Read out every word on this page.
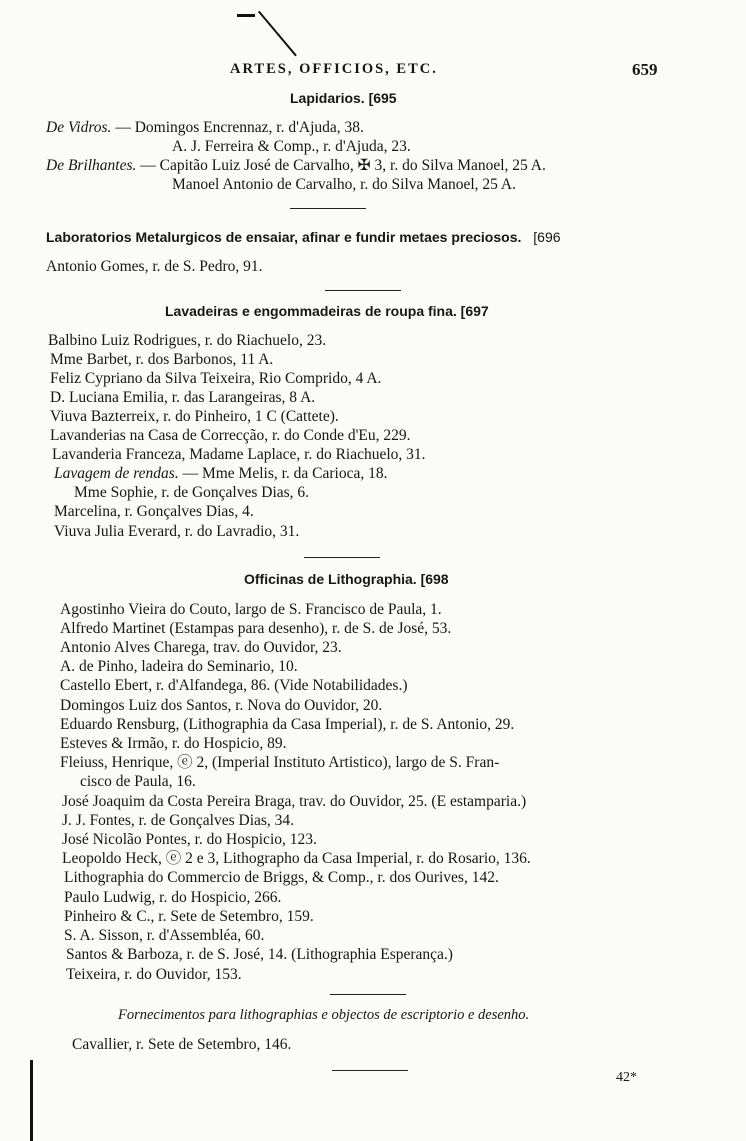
ARTES, OFFICIOS, ETC.	659
Lapidarios. [695
De Vidros. — Domingos Encrennaz, r. d'Ajuda, 38.
A. J. Ferreira & Comp., r. d'Ajuda, 23.
De Brilhantes. — Capitão Luiz José de Carvalho, ✠ 3, r. do Silva Manoel, 25 A.
Manoel Antonio de Carvalho, r. do Silva Manoel, 25 A.
Laboratorios Metalurgicos de ensaiar, afinar e fundir metaes preciosos. [696
Antonio Gomes, r. de S. Pedro, 91.
Lavadeiras e engommadeiras de roupa fina. [697
Balbino Luiz Rodrigues, r. do Riachuelo, 23.
Mme Barbet, r. dos Barbonos, 11 A.
Feliz Cypriano da Silva Teixeira, Rio Comprido, 4 A.
D. Luciana Emilia, r. das Larangeiras, 8 A.
Viuva Bazterreix, r. do Pinheiro, 1 C (Cattete).
Lavanderias na Casa de Correcção, r. do Conde d'Eu, 229.
Lavanderia Franceza, Madame Laplace, r. do Riachuelo, 31.
Lavagem de rendas. — Mme Melis, r. da Carioca, 18.
Mme Sophie, r. de Gonçalves Dias, 6.
Marcelina, r. Gonçalves Dias, 4.
Viuva Julia Everard, r. do Lavradio, 31.
Officinas de Lithographia. [698
Agostinho Vieira do Couto, largo de S. Francisco de Paula, 1.
Alfredo Martinet (Estampas para desenho), r. de S. de José, 53.
Antonio Alves Charega, trav. do Ouvidor, 23.
A. de Pinho, ladeira do Seminario, 10.
Castello Ebert, r. d'Alfandega, 86. (Vide Notabilidades.)
Domingos Luiz dos Santos, r. Nova do Ouvidor, 20.
Eduardo Rensburg, (Lithographia da Casa Imperial), r. de S. Antonio, 29.
Esteves & Irmão, r. do Hospicio, 89.
Fleiuss, Henrique, ⓔ 2, (Imperial Instituto Artistico), largo de S. Fran-
cisco de Paula, 16.
José Joaquim da Costa Pereira Braga, trav. do Ouvidor, 25. (E estamparia.)
J. J. Fontes, r. de Gonçalves Dias, 34.
José Nicolão Pontes, r. do Hospicio, 123.
Leopoldo Heck, ⓔ 2 e 3, Lithographo da Casa Imperial, r. do Rosario, 136.
Lithographia do Commercio de Briggs, & Comp., r. dos Ourives, 142.
Paulo Ludwig, r. do Hospicio, 266.
Pinheiro & C., r. Sete de Setembro, 159.
S. A. Sisson, r. d'Assembléa, 60.
Santos & Barboza, r. de S. José, 14. (Lithographia Esperança.)
Teixeira, r. do Ouvidor, 153.
Fornecimentos para lithographias e objectos de escriptorio e desenho.
Cavallier, r. Sete de Setembro, 146.
42*
